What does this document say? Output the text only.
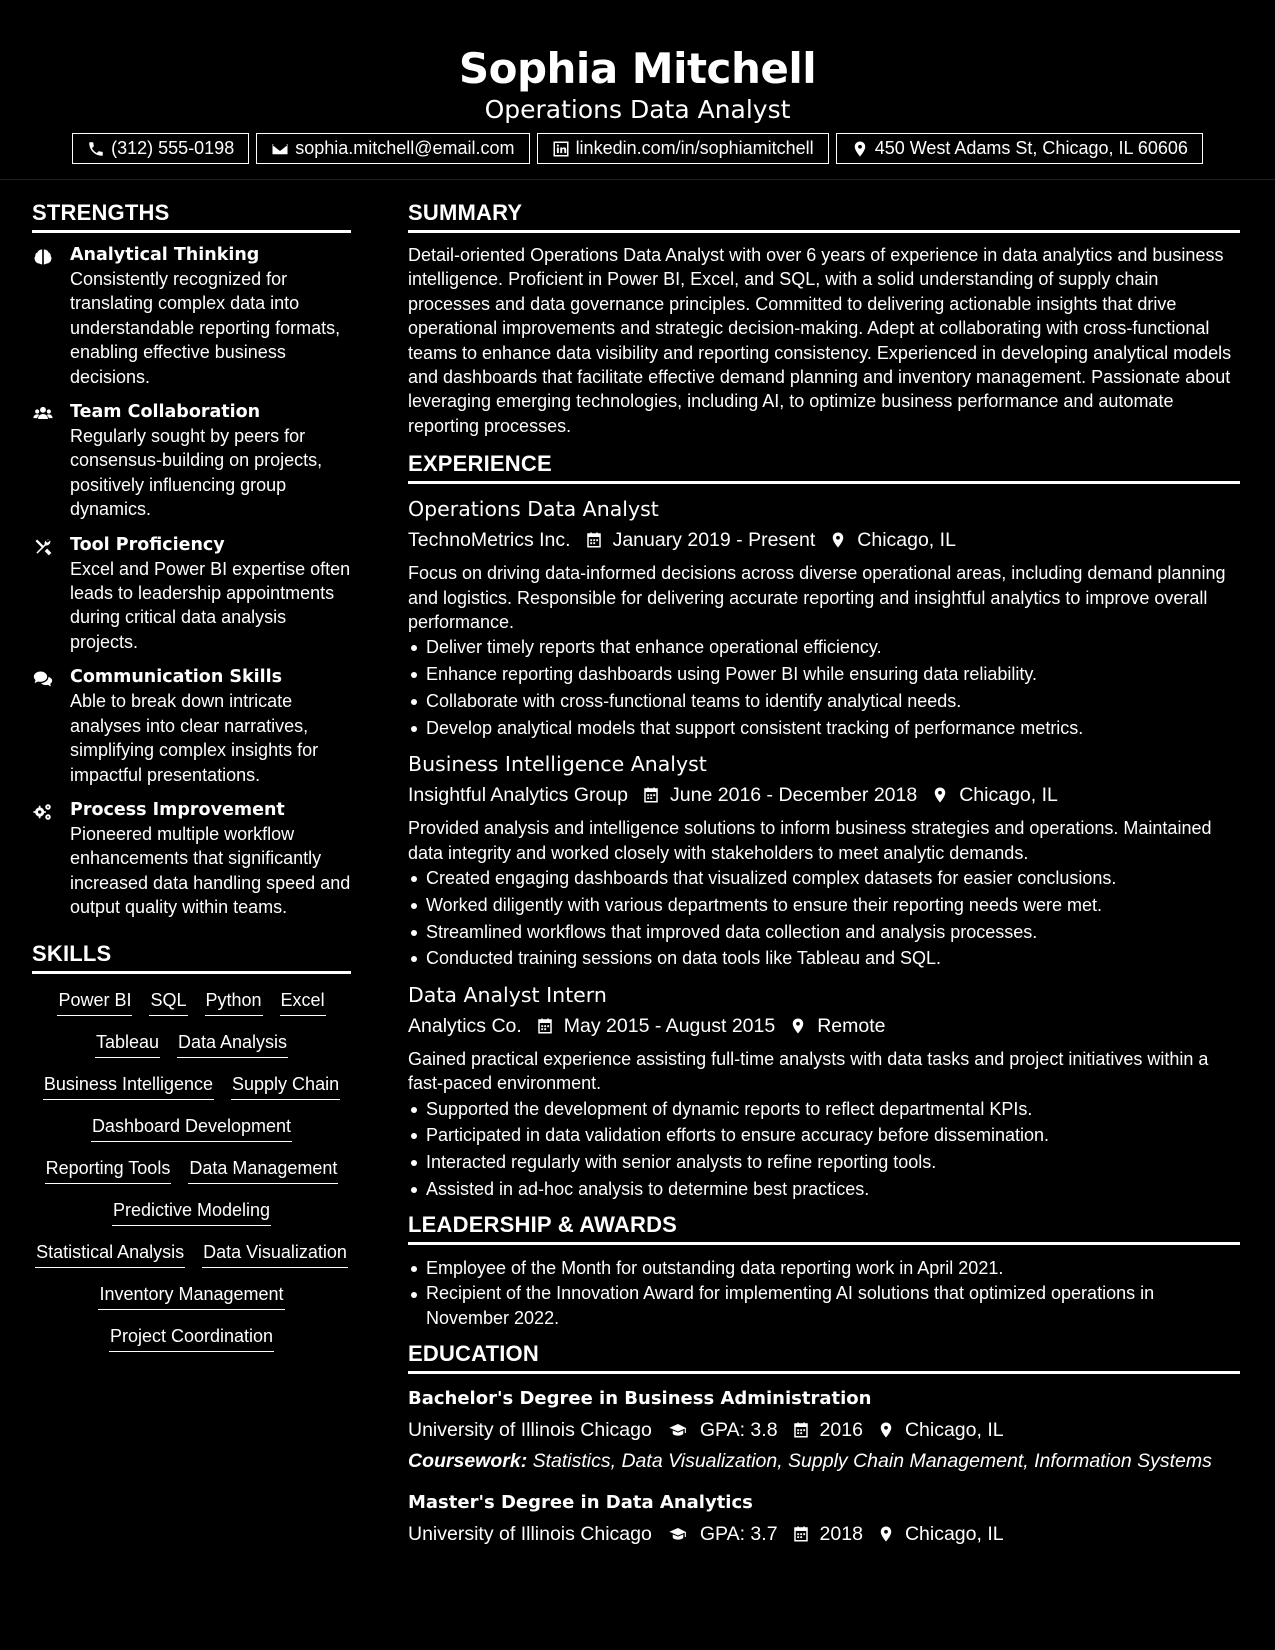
Sophia Mitchell
Operations Data Analyst
(312) 555-0198	sophia.mitchell@email.com	linkedin.com/in/sophiamitchell	450 West Adams St, Chicago, IL 60606
STRENGTHS
Analytical Thinking
Consistently recognized for translating complex data into understandable reporting formats, enabling effective business decisions.
Team Collaboration
Regularly sought by peers for consensus-building on projects, positively influencing group dynamics.
Tool Proficiency
Excel and Power BI expertise often leads to leadership appointments during critical data analysis projects.
Communication Skills
Able to break down intricate analyses into clear narratives, simplifying complex insights for impactful presentations.
Process Improvement
Pioneered multiple workflow enhancements that significantly increased data handling speed and output quality within teams.
SKILLS
Power BI SQL Python Excel
Tableau Data Analysis
Business Intelligence Supply Chain
Dashboard Development
Reporting Tools Data Management
Predictive Modeling
Statistical Analysis Data Visualization
Inventory Management
Project Coordination
SUMMARY
Detail-oriented Operations Data Analyst with over 6 years of experience in data analytics and business intelligence. Proficient in Power BI, Excel, and SQL, with a solid understanding of supply chain processes and data governance principles. Committed to delivering actionable insights that drive operational improvements and strategic decision-making. Adept at collaborating with cross-functional teams to enhance data visibility and reporting consistency. Experienced in developing analytical models and dashboards that facilitate effective demand planning and inventory management. Passionate about leveraging emerging technologies, including AI, to optimize business performance and automate reporting processes.
EXPERIENCE
Operations Data Analyst
TechnoMetrics Inc. January 2019 - Present Chicago, IL
Focus on driving data-informed decisions across diverse operational areas, including demand planning and logistics. Responsible for delivering accurate reporting and insightful analytics to improve overall performance.
Deliver timely reports that enhance operational efficiency.
Enhance reporting dashboards using Power BI while ensuring data reliability.
Collaborate with cross-functional teams to identify analytical needs.
Develop analytical models that support consistent tracking of performance metrics.
Business Intelligence Analyst
Insightful Analytics Group June 2016 - December 2018 Chicago, IL
Provided analysis and intelligence solutions to inform business strategies and operations. Maintained data integrity and worked closely with stakeholders to meet analytic demands.
Created engaging dashboards that visualized complex datasets for easier conclusions.
Worked diligently with various departments to ensure their reporting needs were met.
Streamlined workflows that improved data collection and analysis processes.
Conducted training sessions on data tools like Tableau and SQL.
Data Analyst Intern
Analytics Co. May 2015 - August 2015 Remote
Gained practical experience assisting full-time analysts with data tasks and project initiatives within a fast-paced environment.
Supported the development of dynamic reports to reflect departmental KPIs.
Participated in data validation efforts to ensure accuracy before dissemination.
Interacted regularly with senior analysts to refine reporting tools.
Assisted in ad-hoc analysis to determine best practices.
LEADERSHIP & AWARDS
Employee of the Month for outstanding data reporting work in April 2021.
Recipient of the Innovation Award for implementing AI solutions that optimized operations in November 2022.
EDUCATION
Bachelor's Degree in Business Administration
University of Illinois Chicago GPA: 3.8 2016 Chicago, IL
Coursework: Statistics, Data Visualization, Supply Chain Management, Information Systems
Master's Degree in Data Analytics
University of Illinois Chicago GPA: 3.7 2018 Chicago, IL
